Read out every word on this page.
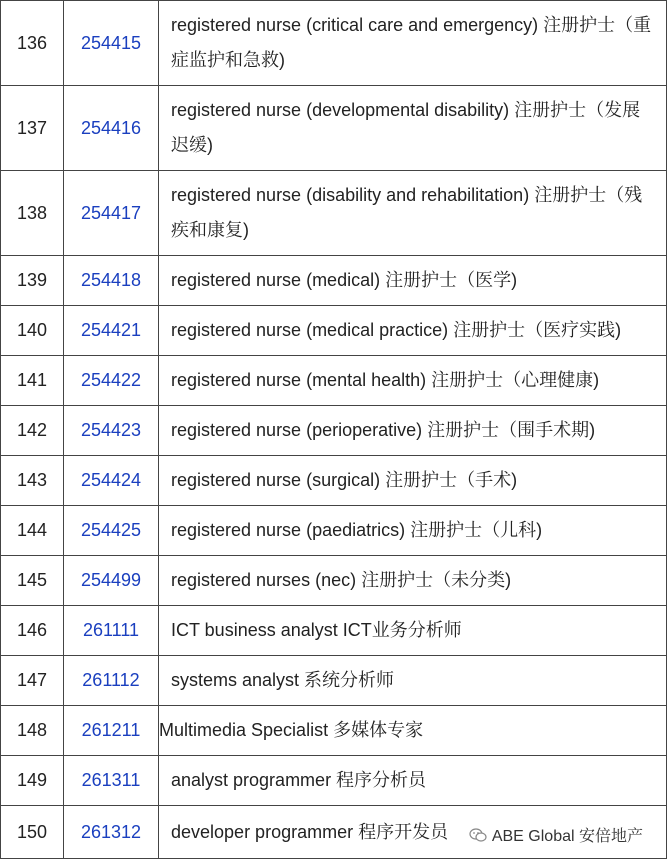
136	254415	registered nurse (critical care and emergency) 注册护士（重症监护和急救)
137	254416	registered nurse (developmental disability) 注册护士（发展迟缓)
138	254417	registered nurse (disability and rehabilitation) 注册护士（残疾和康复)
139	254418	registered nurse (medical) 注册护士（医学)
140	254421	registered nurse (medical practice) 注册护士（医疗实践)
141	254422	registered nurse (mental health) 注册护士（心理健康)
142	254423	registered nurse (perioperative) 注册护士（围手术期)
143	254424	registered nurse (surgical) 注册护士（手术)
144	254425	registered nurse (paediatrics) 注册护士（儿科)
145	254499	registered nurses (nec) 注册护士（未分类)
146	261111	ICT business analyst ICT业务分析师
147	261112	systems analyst 系统分析师
148	261211	Multimedia Specialist 多媒体专家
149	261311	analyst programmer 程序分析员
150	261312	developer programmer 程序开发员	ABE Global 安倍地产
